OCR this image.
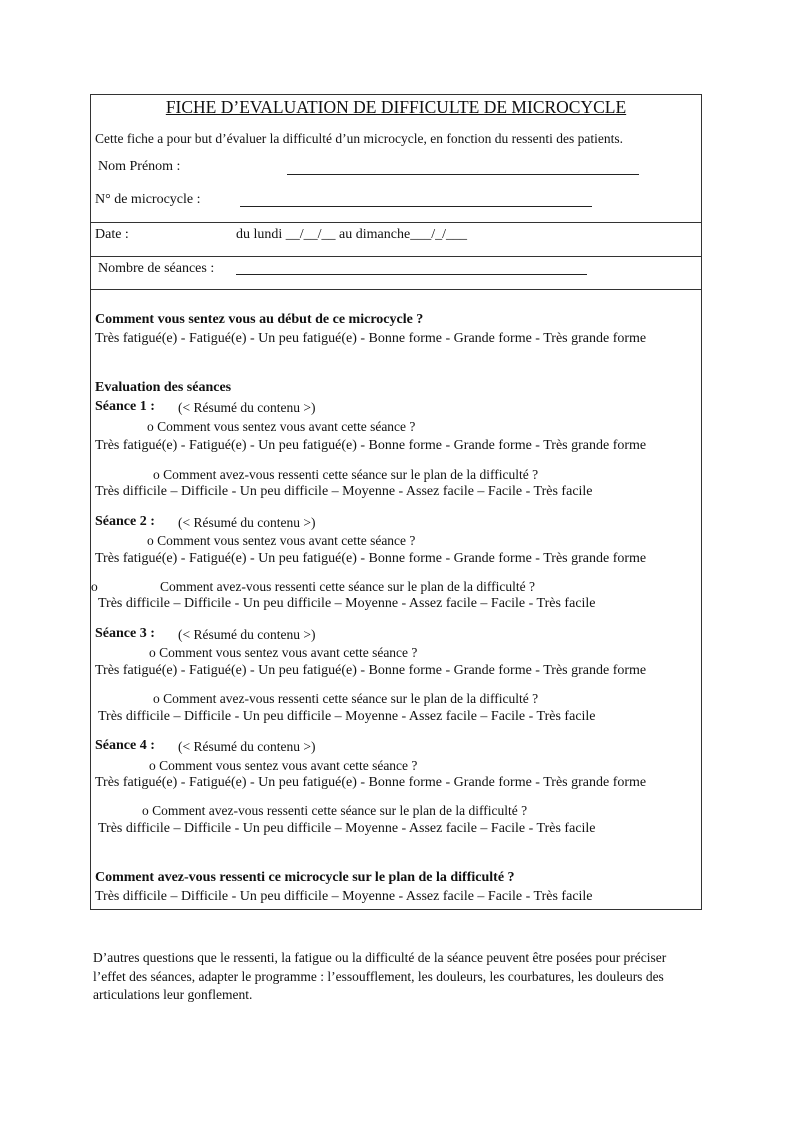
FICHE D’EVALUATION DE DIFFICULTE DE MICROCYCLE
Cette fiche a pour but d’évaluer la difficulté d’un microcycle, en fonction du ressenti des patients.
Nom Prénom :
N° de microcycle :
Date :	du lundi __/__/__ au dimanche___/_/___
Nombre de séances :
Comment vous sentez vous au début de ce microcycle ?
Très fatigué(e) - Fatigué(e) - Un peu fatigué(e) - Bonne forme - Grande forme - Très grande forme
Evaluation des séances
Séance 1 : (< Résumé du contenu >)
o Comment vous sentez vous avant cette séance ?
Très fatigué(e) - Fatigué(e) - Un peu fatigué(e) - Bonne forme - Grande forme - Très grande forme
o Comment avez-vous ressenti cette séance sur le plan de la difficulté ?
Très difficile – Difficile - Un peu difficile – Moyenne - Assez facile – Facile - Très facile
Séance 2 : (< Résumé du contenu >)
o Comment vous sentez vous avant cette séance ?
Très fatigué(e) - Fatigué(e) - Un peu fatigué(e) - Bonne forme - Grande forme - Très grande forme
o	Comment avez-vous ressenti cette séance sur le plan de la difficulté ?
Très difficile – Difficile - Un peu difficile – Moyenne - Assez facile – Facile - Très facile
Séance 3 : (< Résumé du contenu >)
o Comment vous sentez vous avant cette séance ?
Très fatigué(e) - Fatigué(e) - Un peu fatigué(e) - Bonne forme - Grande forme - Très grande forme
o Comment avez-vous ressenti cette séance sur le plan de la difficulté ?
Très difficile – Difficile - Un peu difficile – Moyenne - Assez facile – Facile - Très facile
Séance 4 : (< Résumé du contenu >)
o Comment vous sentez vous avant cette séance ?
Très fatigué(e) - Fatigué(e) - Un peu fatigué(e) - Bonne forme - Grande forme - Très grande forme
o Comment avez-vous ressenti cette séance sur le plan de la difficulté ?
Très difficile – Difficile - Un peu difficile – Moyenne - Assez facile – Facile - Très facile
Comment avez-vous ressenti ce microcycle sur le plan de la difficulté ?
Très difficile – Difficile - Un peu difficile – Moyenne - Assez facile – Facile - Très facile
D’autres questions que le ressenti, la fatigue ou la difficulté de la séance peuvent être posées pour préciser l’effet des séances, adapter le programme : l’essoufflement, les douleurs, les courbatures, les douleurs des articulations leur gonflement.
